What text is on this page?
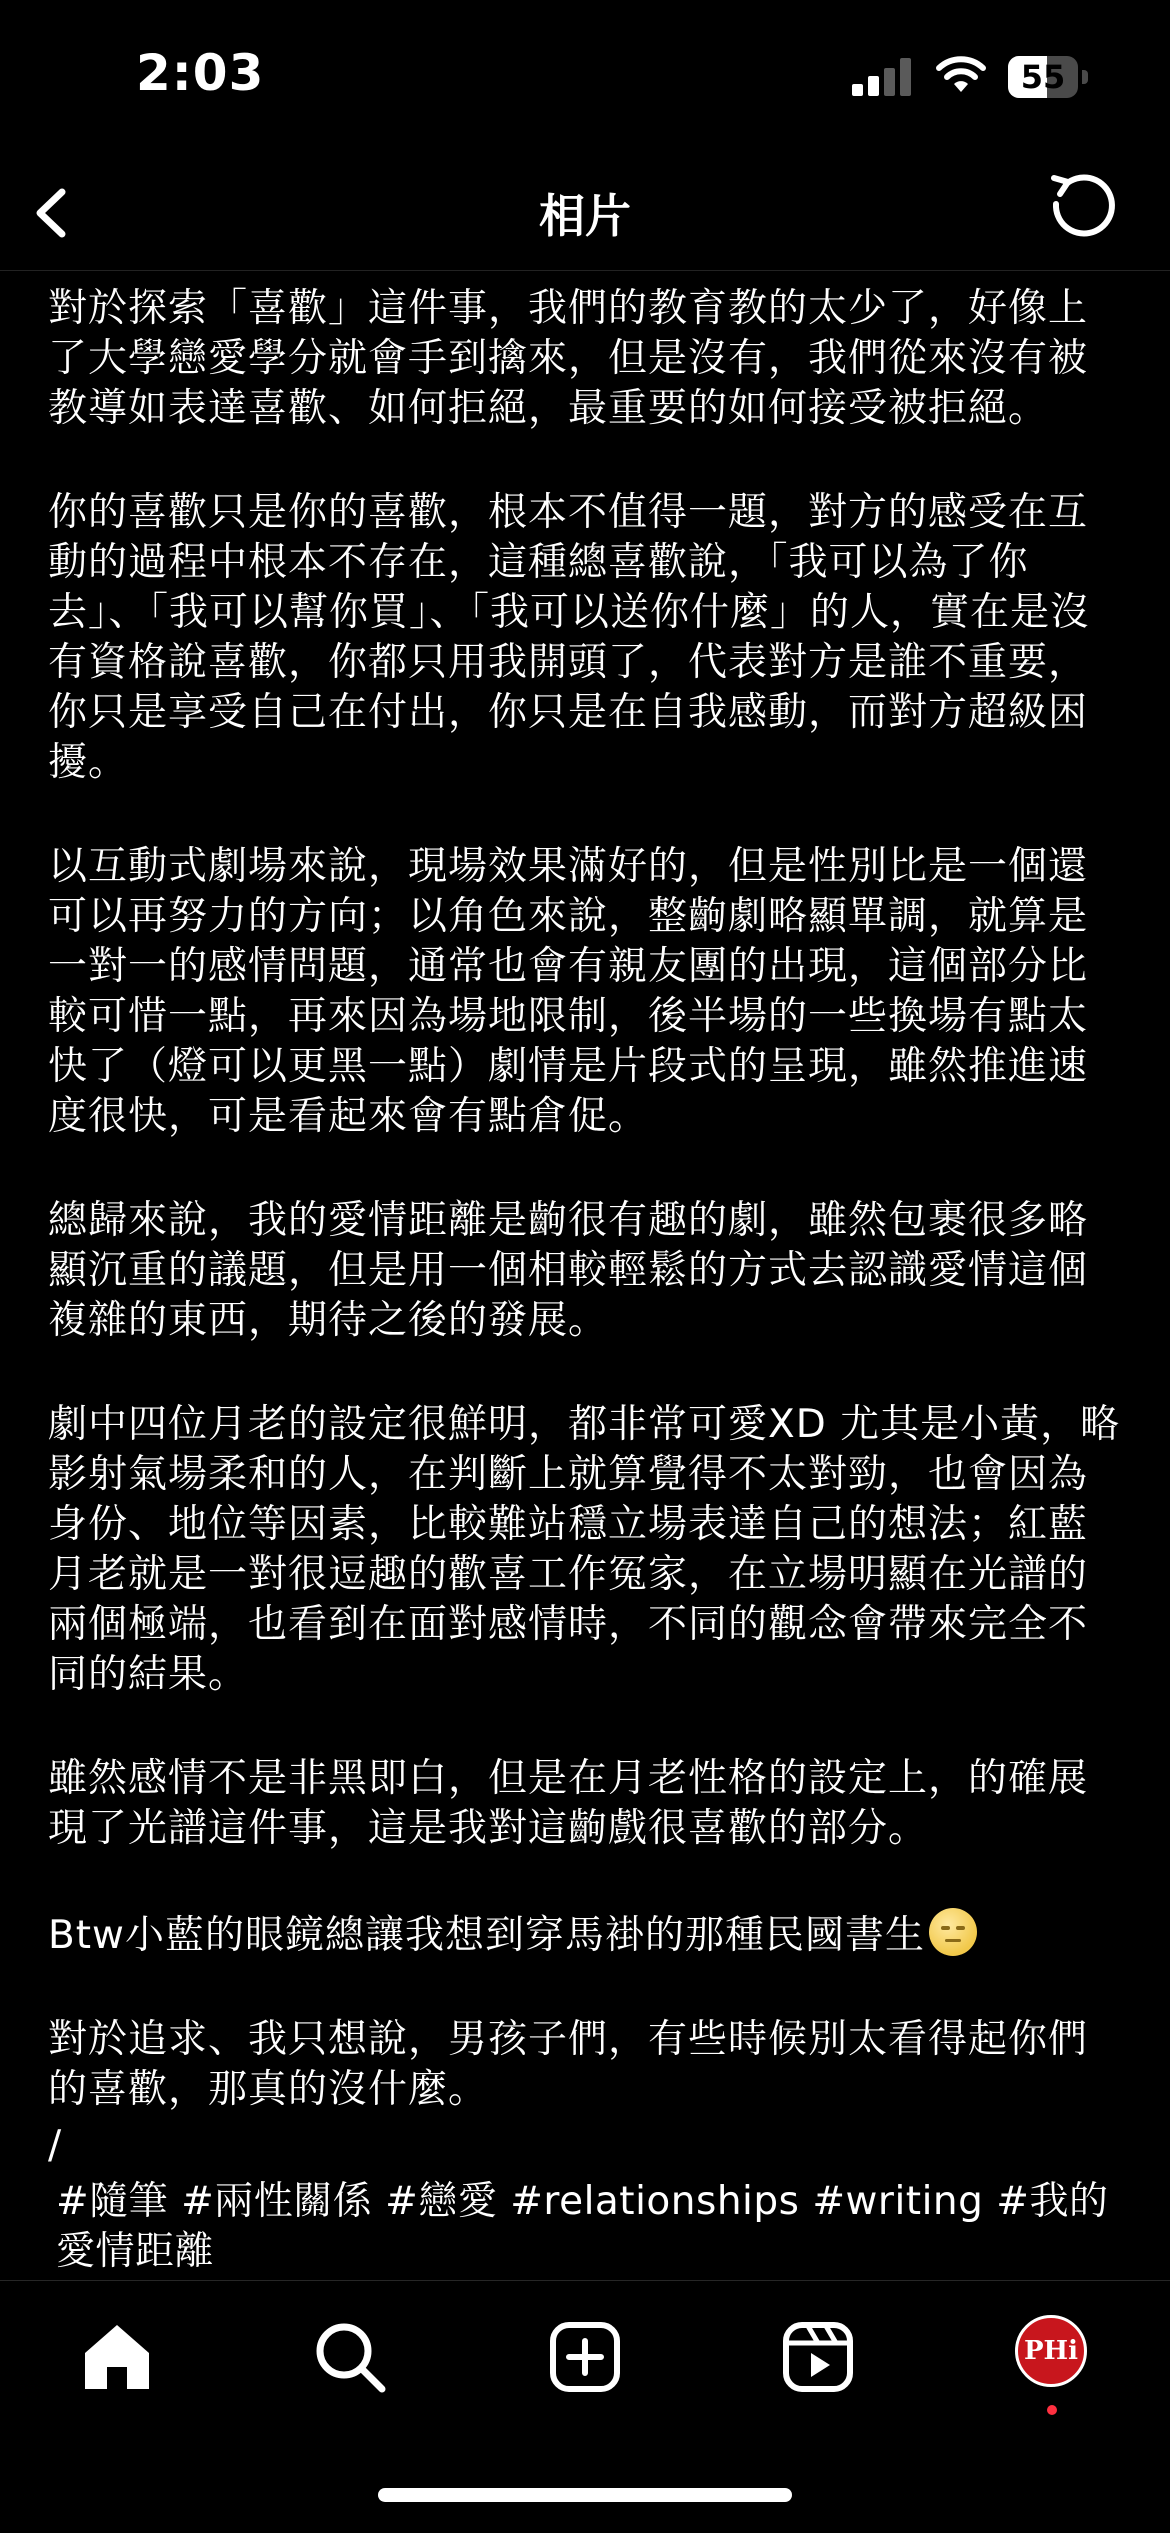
2:03	55
相片

對於探索「喜歡」這件事，我們的教育教的太少了，好像上了大學戀愛學分就會手到擒來，但是沒有，我們從來沒有被教導如表達喜歡、如何拒絕，最重要的如何接受被拒絕。

你的喜歡只是你的喜歡，根本不值得一題，對方的感受在互動的過程中根本不存在，這種總喜歡說，「我可以為了你去」、「我可以幫你買」、「我可以送你什麼」的人，實在是沒有資格說喜歡，你都只用我開頭了，代表對方是誰不重要，你只是享受自己在付出，你只是在自我感動，而對方超級困擾。

以互動式劇場來說，現場效果滿好的，但是性別比是一個還可以再努力的方向；以角色來說，整齣劇略顯單調，就算是一對一的感情問題，通常也會有親友團的出現，這個部分比較可惜一點，再來因為場地限制，後半場的一些換場有點太快了（燈可以更黑一點）劇情是片段式的呈現，雖然推進速度很快，可是看起來會有點倉促。

總歸來說，我的愛情距離是齣很有趣的劇，雖然包裹很多略顯沉重的議題，但是用一個相較輕鬆的方式去認識愛情這個複雜的東西，期待之後的發展。

劇中四位月老的設定很鮮明，都非常可愛XD 尤其是小黃，略影射氣場柔和的人，在判斷上就算覺得不太對勁，也會因為身份、地位等因素，比較難站穩立場表達自己的想法；紅藍月老就是一對很逗趣的歡喜工作冤家，在立場明顯在光譜的兩個極端，也看到在面對感情時，不同的觀念會帶來完全不同的結果。

雖然感情不是非黑即白，但是在月老性格的設定上，的確展現了光譜這件事，這是我對這齣戲很喜歡的部分。

Btw小藍的眼鏡總讓我想到穿馬褂的那種民國書生

對於追求、我只想說，男孩子們，有些時候別太看得起你們的喜歡，那真的沒什麼。

/

#隨筆 #兩性關係 #戀愛 #relationships #writing #我的愛情距離
PHi
